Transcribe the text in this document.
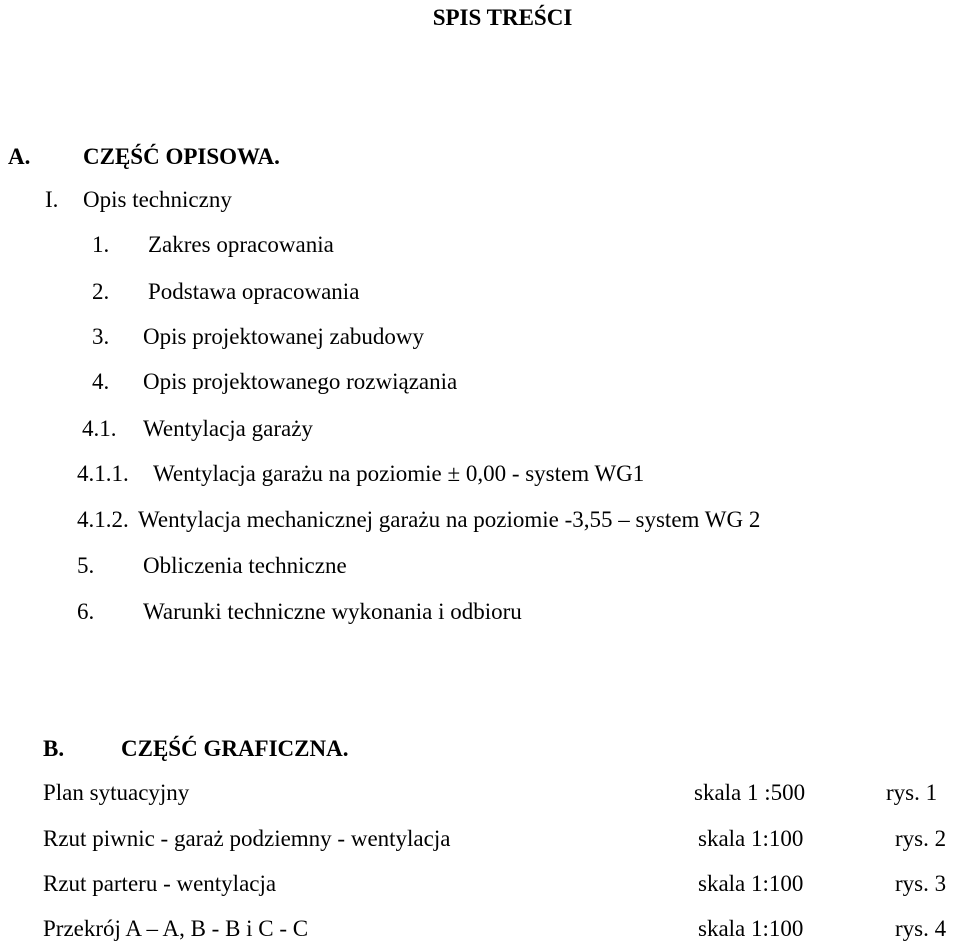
SPIS TREŚCI
A. CZĘŚĆ OPISOWA.
I. Opis techniczny
1. Zakres opracowania
2. Podstawa opracowania
3. Opis projektowanej zabudowy
4. Opis projektowanego rozwiązania
4.1. Wentylacja garaży
4.1.1. Wentylacja garażu na poziomie ± 0,00 - system WG1
4.1.2. Wentylacja mechanicznej garażu na poziomie -3,55 – system WG 2
5. Obliczenia techniczne
6. Warunki techniczne wykonania i odbioru
B. CZĘŚĆ GRAFICZNA.
Plan sytuacyjny	skala 1 :500	rys. 1
Rzut piwnic - garaż podziemny - wentylacja	skala 1:100	rys. 2
Rzut parteru - wentylacja	skala 1:100	rys. 3
Przekrój A – A, B - B i C - C	skala 1:100	rys. 4
